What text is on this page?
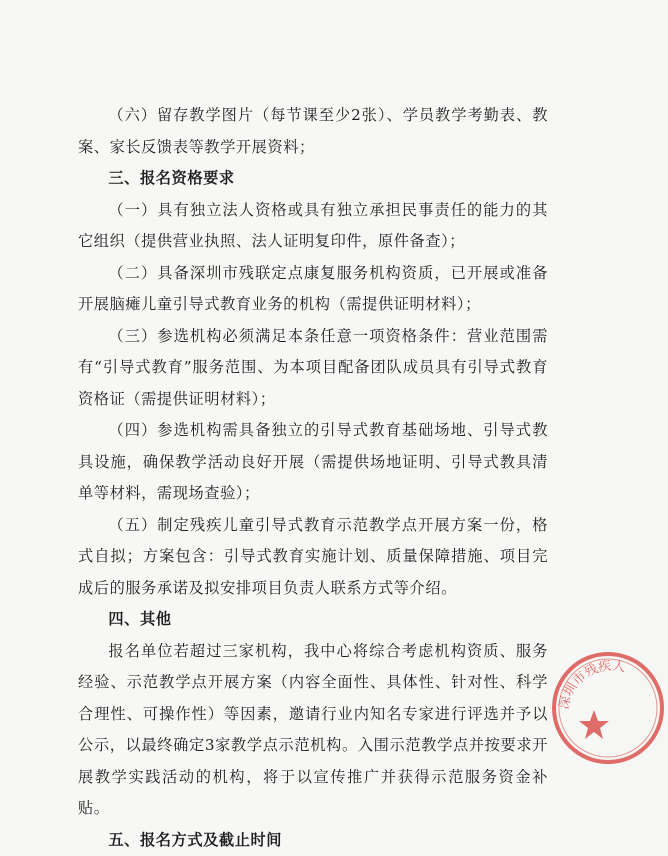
（六）留存教学图片（每节课至少2张）、学员教学考勤表、教案、家长反馈表等教学开展资料；

三、报名资格要求

（一）具有独立法人资格或具有独立承担民事责任的能力的其它组织（提供营业执照、法人证明复印件，原件备查）；

（二）具备深圳市残联定点康复服务机构资质，已开展或准备开展脑瘫儿童引导式教育业务的机构（需提供证明材料）；

（三）参选机构必须满足本条任意一项资格条件：营业范围需有“引导式教育”服务范围、为本项目配备团队成员具有引导式教育资格证（需提供证明材料）；

（四）参选机构需具备独立的引导式教育基础场地、引导式教具设施，确保教学活动良好开展（需提供场地证明、引导式教具清单等材料，需现场查验）；

（五）制定残疾儿童引导式教育示范教学点开展方案一份，格式自拟；方案包含：引导式教育实施计划、质量保障措施、项目完成后的服务承诺及拟安排项目负责人联系方式等介绍。

四、其他

报名单位若超过三家机构，我中心将综合考虑机构资质、服务经验、示范教学点开展方案（内容全面性、具体性、针对性、科学合理性、可操作性）等因素，邀请行业内知名专家进行评选并予以公示，以最终确定3家教学点示范机构。入围示范教学点并按要求开展教学实践活动的机构，将于以宣传推广并获得示范服务资金补贴。

五、报名方式及截止时间

深圳市残疾人
